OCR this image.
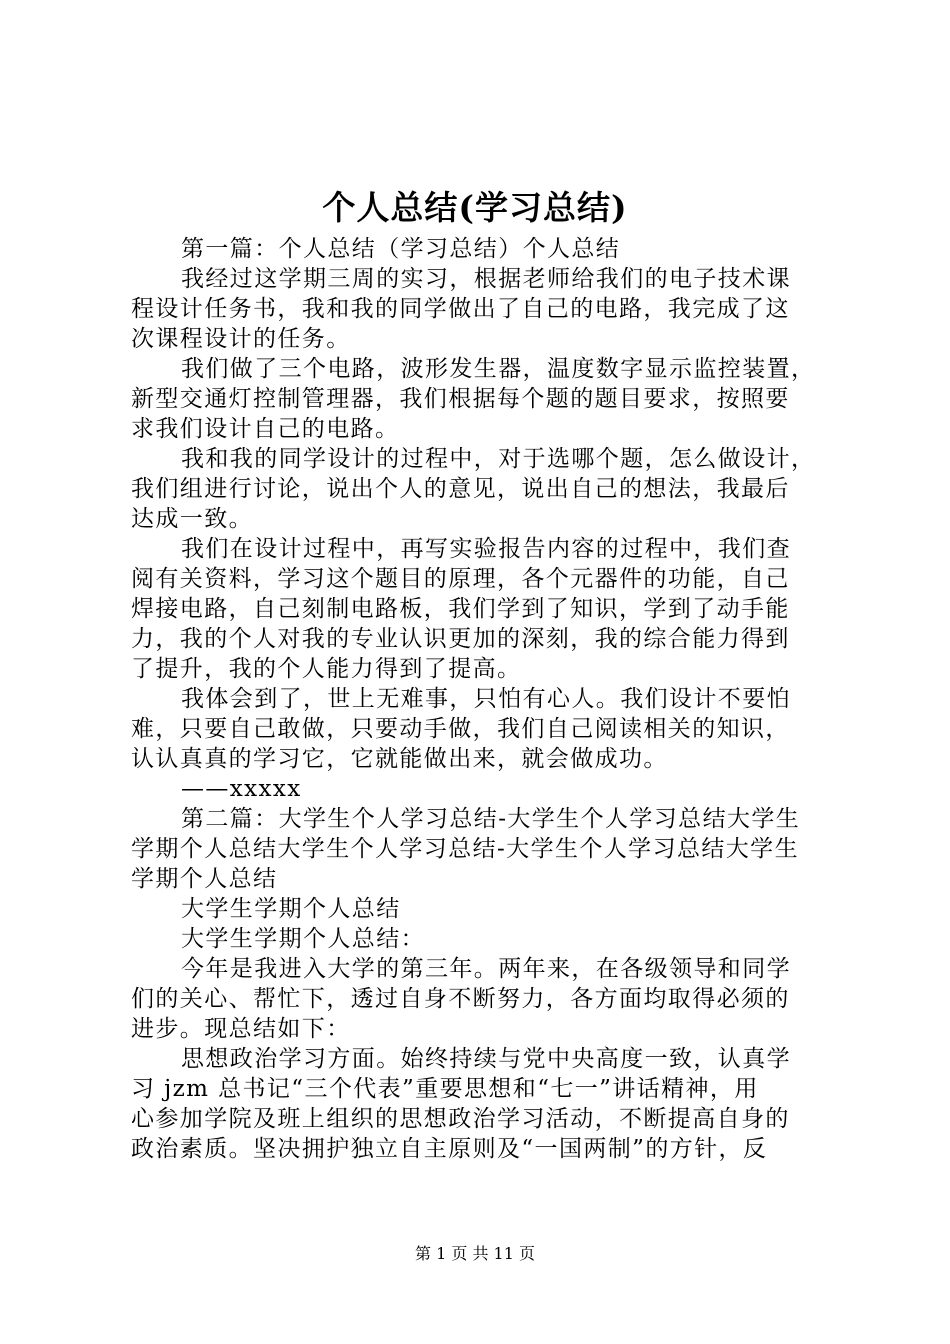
个人总结(学习总结)
第一篇：个人总结（学习总结）个人总结
我经过这学期三周的实习，根据老师给我们的电子技术课
程设计任务书，我和我的同学做出了自己的电路，我完成了这
次课程设计的任务。
我们做了三个电路，波形发生器，温度数字显示监控装置，
新型交通灯控制管理器，我们根据每个题的题目要求，按照要
求我们设计自己的电路。
我和我的同学设计的过程中，对于选哪个题，怎么做设计，
我们组进行讨论，说出个人的意见，说出自己的想法，我最后
达成一致。
我们在设计过程中，再写实验报告内容的过程中，我们查
阅有关资料，学习这个题目的原理，各个元器件的功能，自己
焊接电路，自己刻制电路板，我们学到了知识，学到了动手能
力，我的个人对我的专业认识更加的深刻，我的综合能力得到
了提升，我的个人能力得到了提高。
我体会到了，世上无难事，只怕有心人。我们设计不要怕
难，只要自己敢做，只要动手做，我们自己阅读相关的知识，
认认真真的学习它，它就能做出来，就会做成功。
——xxxxx
第二篇：大学生个人学习总结-大学生个人学习总结大学生
学期个人总结大学生个人学习总结-大学生个人学习总结大学生
学期个人总结
大学生学期个人总结
大学生学期个人总结：
今年是我进入大学的第三年。两年来，在各级领导和同学
们的关心、帮忙下，透过自身不断努力，各方面均取得必须的
进步。现总结如下：
思想政治学习方面。始终持续与党中央高度一致，认真学
习 jzm 总书记“三个代表”重要思想和“七一”讲话精神，用
心参加学院及班上组织的思想政治学习活动，不断提高自身的
政治素质。坚决拥护独立自主原则及“一国两制”的方针，反
第 1 页 共 11 页
